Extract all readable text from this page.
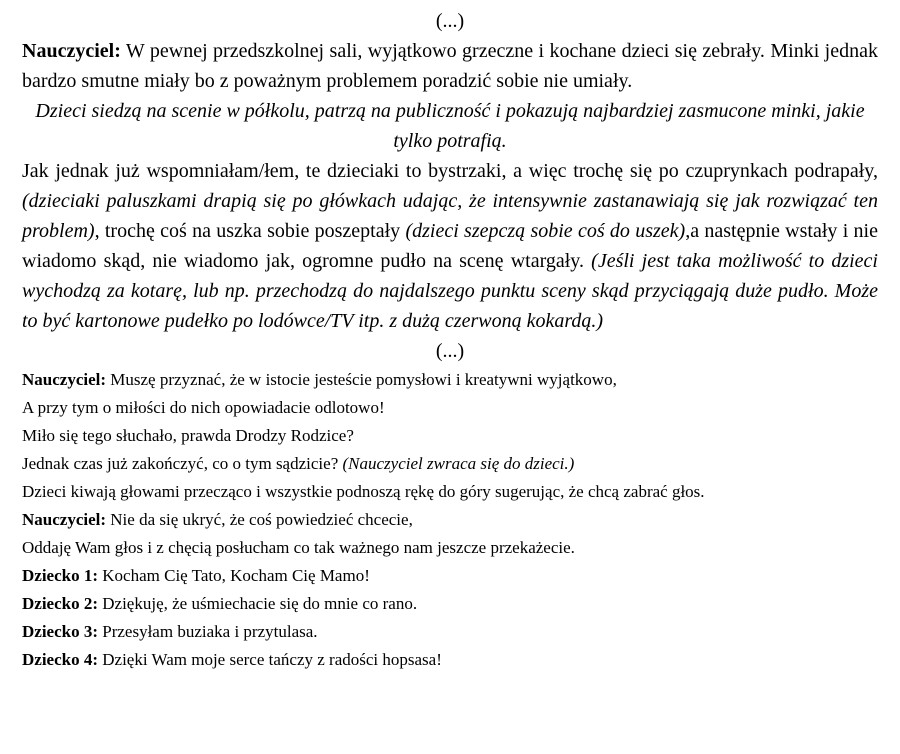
(...)

Nauczyciel: W pewnej przedszkolnej sali, wyjątkowo grzeczne i kochane dzieci się zebrały. Minki jednak bardzo smutne miały bo z poważnym problemem poradzić sobie nie umiały.

Dzieci siedzą na scenie w półkolu, patrzą na publiczność i pokazują najbardziej zasmucone minki, jakie tylko potrafią.

Jak jednak już wspomniałam/łem, te dzieciaki to bystrzaki, a więc trochę się po czuprynkach podrapały, (dzieciaki paluszkami drapią się po główkach udając, że intensywnie zastanawiają się jak rozwiązać ten problem), trochę coś na uszka sobie poszeptały (dzieci szepczą sobie coś do uszek),a następnie wstały i nie wiadomo skąd, nie wiadomo jak, ogromne pudło na scenę wtargały. (Jeśli jest taka możliwość to dzieci wychodzą za kotarę, lub np. przechodzą do najdalszego punktu sceny skąd przyciągają duże pudło. Może to być kartonowe pudełko po lodówce/TV itp. z dużą czerwoną kokardą.)

(...)

Nauczyciel: Muszę przyznać, że w istocie jesteście pomysłowi i kreatywni wyjątkowo,

A przy tym o miłości do nich opowiadacie odlotowo!

Miło się tego słuchało, prawda Drodzy Rodzice?

Jednak czas już zakończyć, co o tym sądzicie? (Nauczyciel zwraca się do dzieci.)

Dzieci kiwają głowami przecząco i wszystkie podnoszą rękę do góry sugerując, że chcą zabrać głos.

Nauczyciel: Nie da się ukryć, że coś powiedzieć chcecie,

Oddaję Wam głos i z chęcią posłucham co tak ważnego nam jeszcze przekażecie.

Dziecko 1: Kocham Cię Tato, Kocham Cię Mamo!

Dziecko 2: Dziękuję, że uśmiechacie się do mnie co rano.

Dziecko 3: Przesyłam buziaka i przytulasa.

Dziecko 4: Dzięki Wam moje serce tańczy z radości hopsasa!
